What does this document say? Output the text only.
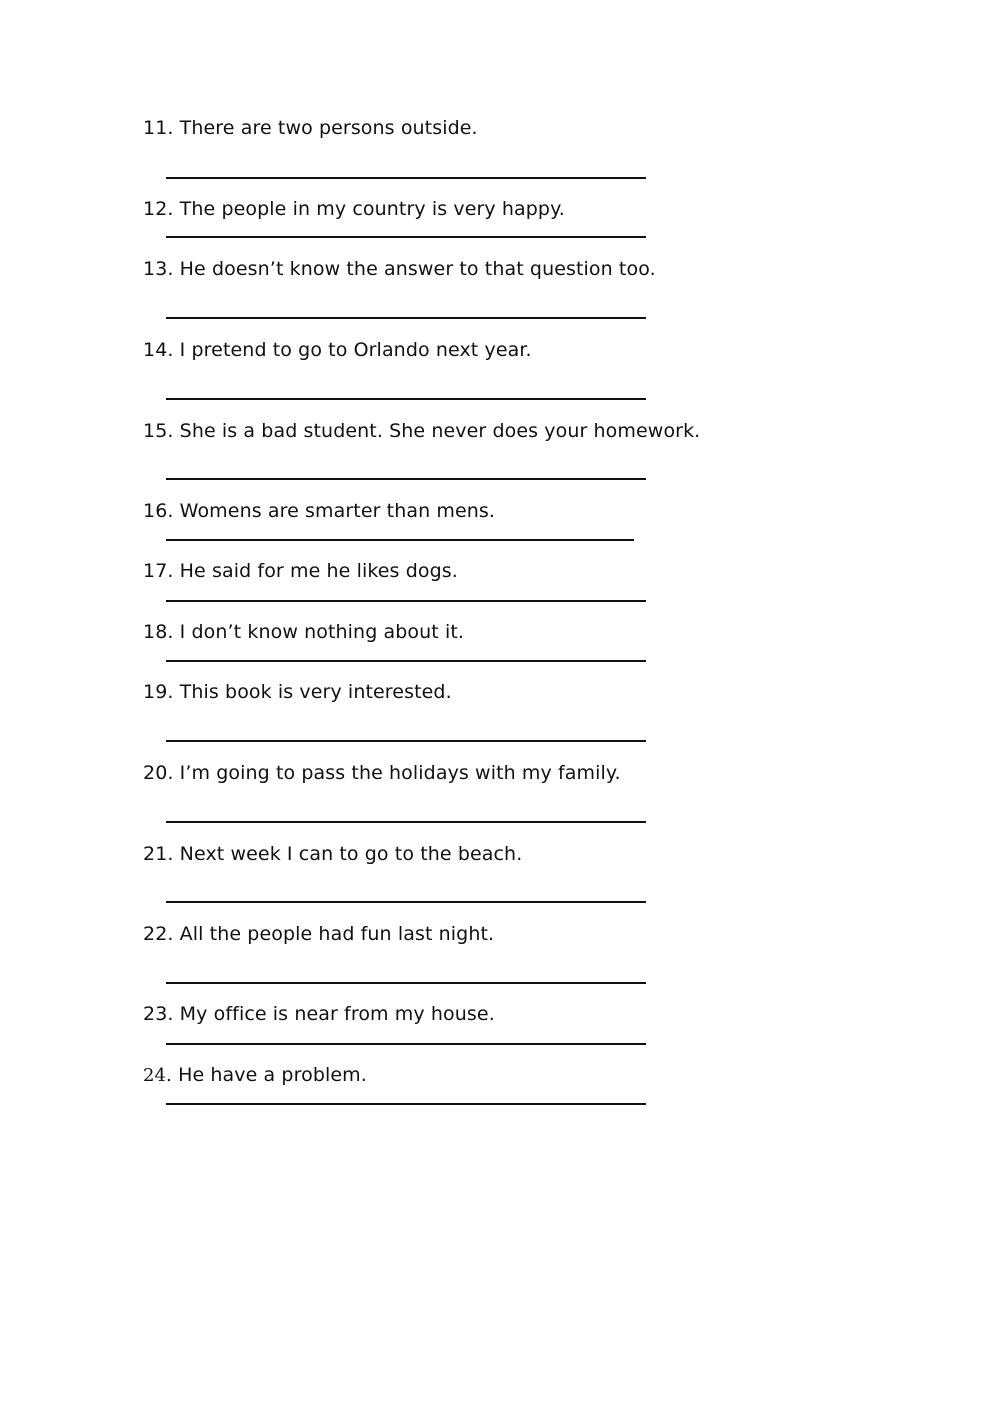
11. There are two persons outside.
12. The people in my country is very happy.
13. He doesn’t know the answer to that question too.
14. I pretend to go to Orlando next year.
15. She is a bad student. She never does your homework.
16. Womens are smarter than mens.
17. He said for me he likes dogs.
18. I don’t know nothing about it.
19. This book is very interested.
20. I’m going to pass the holidays with my family.
21. Next week I can to go to the beach.
22. All the people had fun last night.
23. My office is near from my house.
24. He have a problem.
